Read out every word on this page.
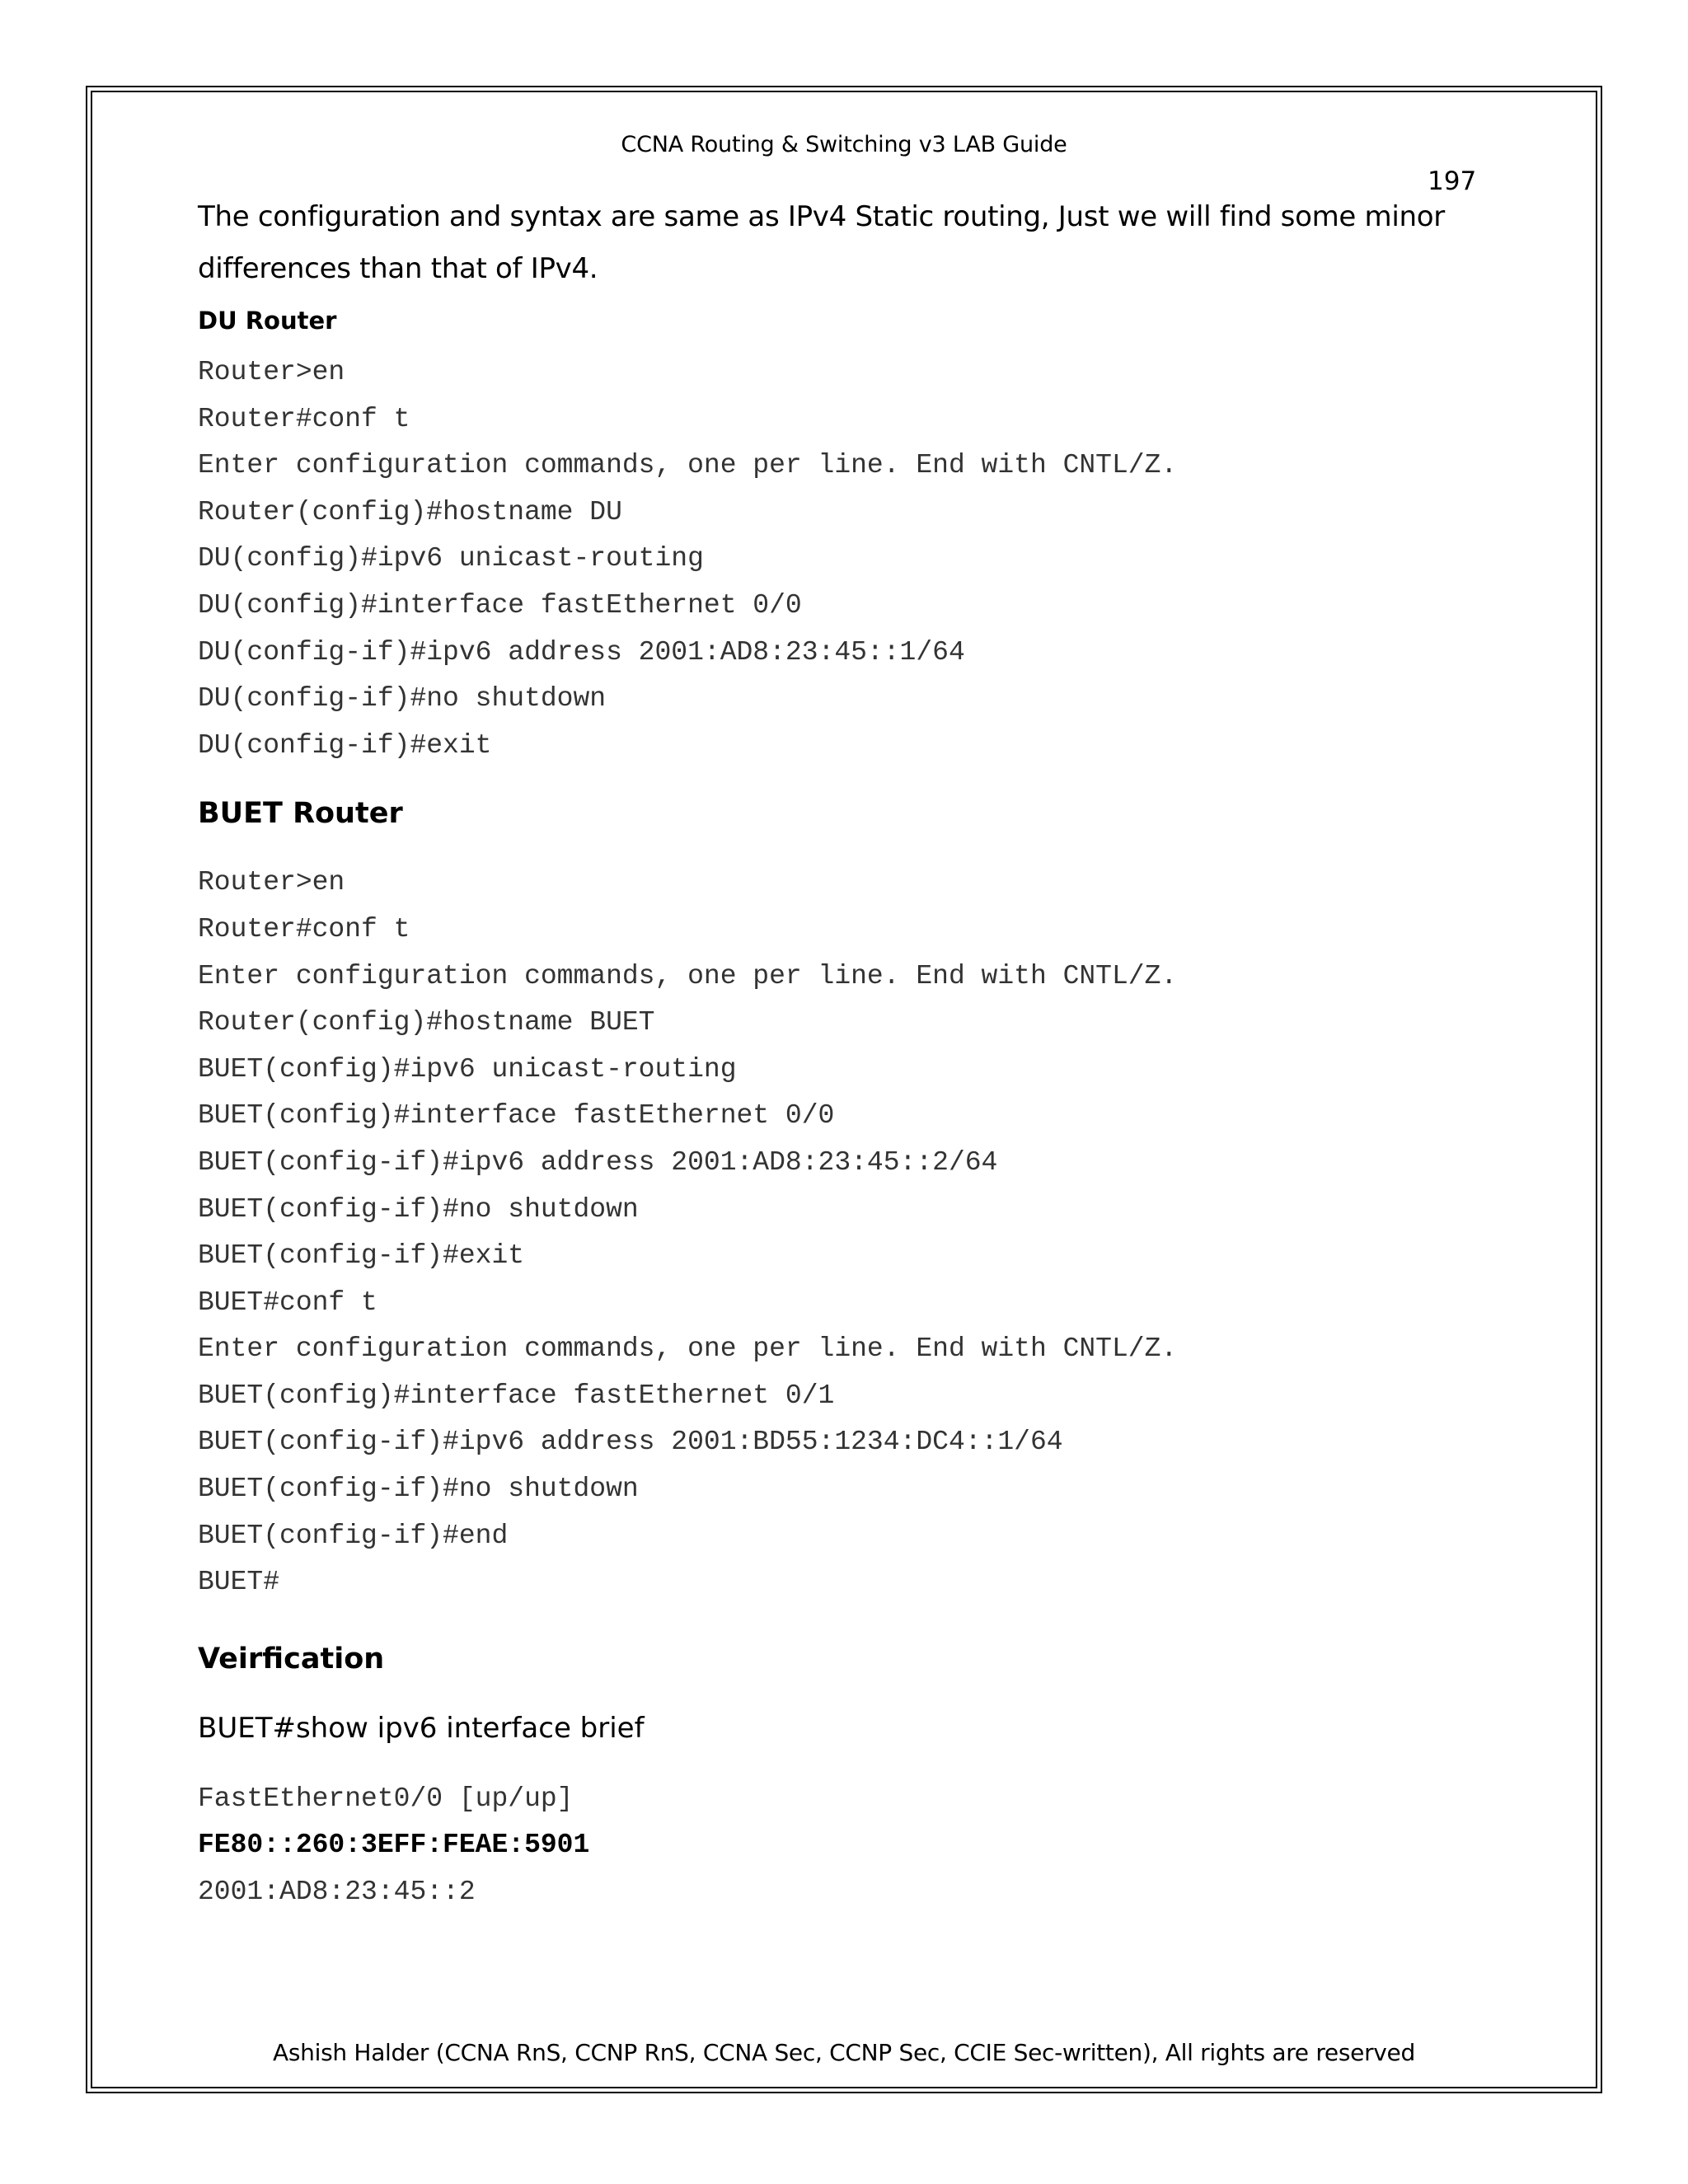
CCNA Routing & Switching v3 LAB Guide
197

The configuration and syntax are same as IPv4 Static routing, Just we will find some minor
differences than that of IPv4.

DU Router
Router>en
Router#conf t
Enter configuration commands, one per line. End with CNTL/Z.
Router(config)#hostname DU
DU(config)#ipv6 unicast-routing
DU(config)#interface fastEthernet 0/0
DU(config-if)#ipv6 address 2001:AD8:23:45::1/64
DU(config-if)#no shutdown
DU(config-if)#exit
BUET Router
Router>en
Router#conf t
Enter configuration commands, one per line. End with CNTL/Z.
Router(config)#hostname BUET
BUET(config)#ipv6 unicast-routing
BUET(config)#interface fastEthernet 0/0
BUET(config-if)#ipv6 address 2001:AD8:23:45::2/64
BUET(config-if)#no shutdown
BUET(config-if)#exit
BUET#conf t
Enter configuration commands, one per line. End with CNTL/Z.
BUET(config)#interface fastEthernet 0/1
BUET(config-if)#ipv6 address 2001:BD55:1234:DC4::1/64
BUET(config-if)#no shutdown
BUET(config-if)#end
BUET#
Veirfication
BUET#show ipv6 interface brief
FastEthernet0/0 [up/up]
FE80::260:3EFF:FEAE:5901
2001:AD8:23:45::2
Ashish Halder (CCNA RnS, CCNP RnS, CCNA Sec, CCNP Sec, CCIE Sec-written), All rights are reserved
